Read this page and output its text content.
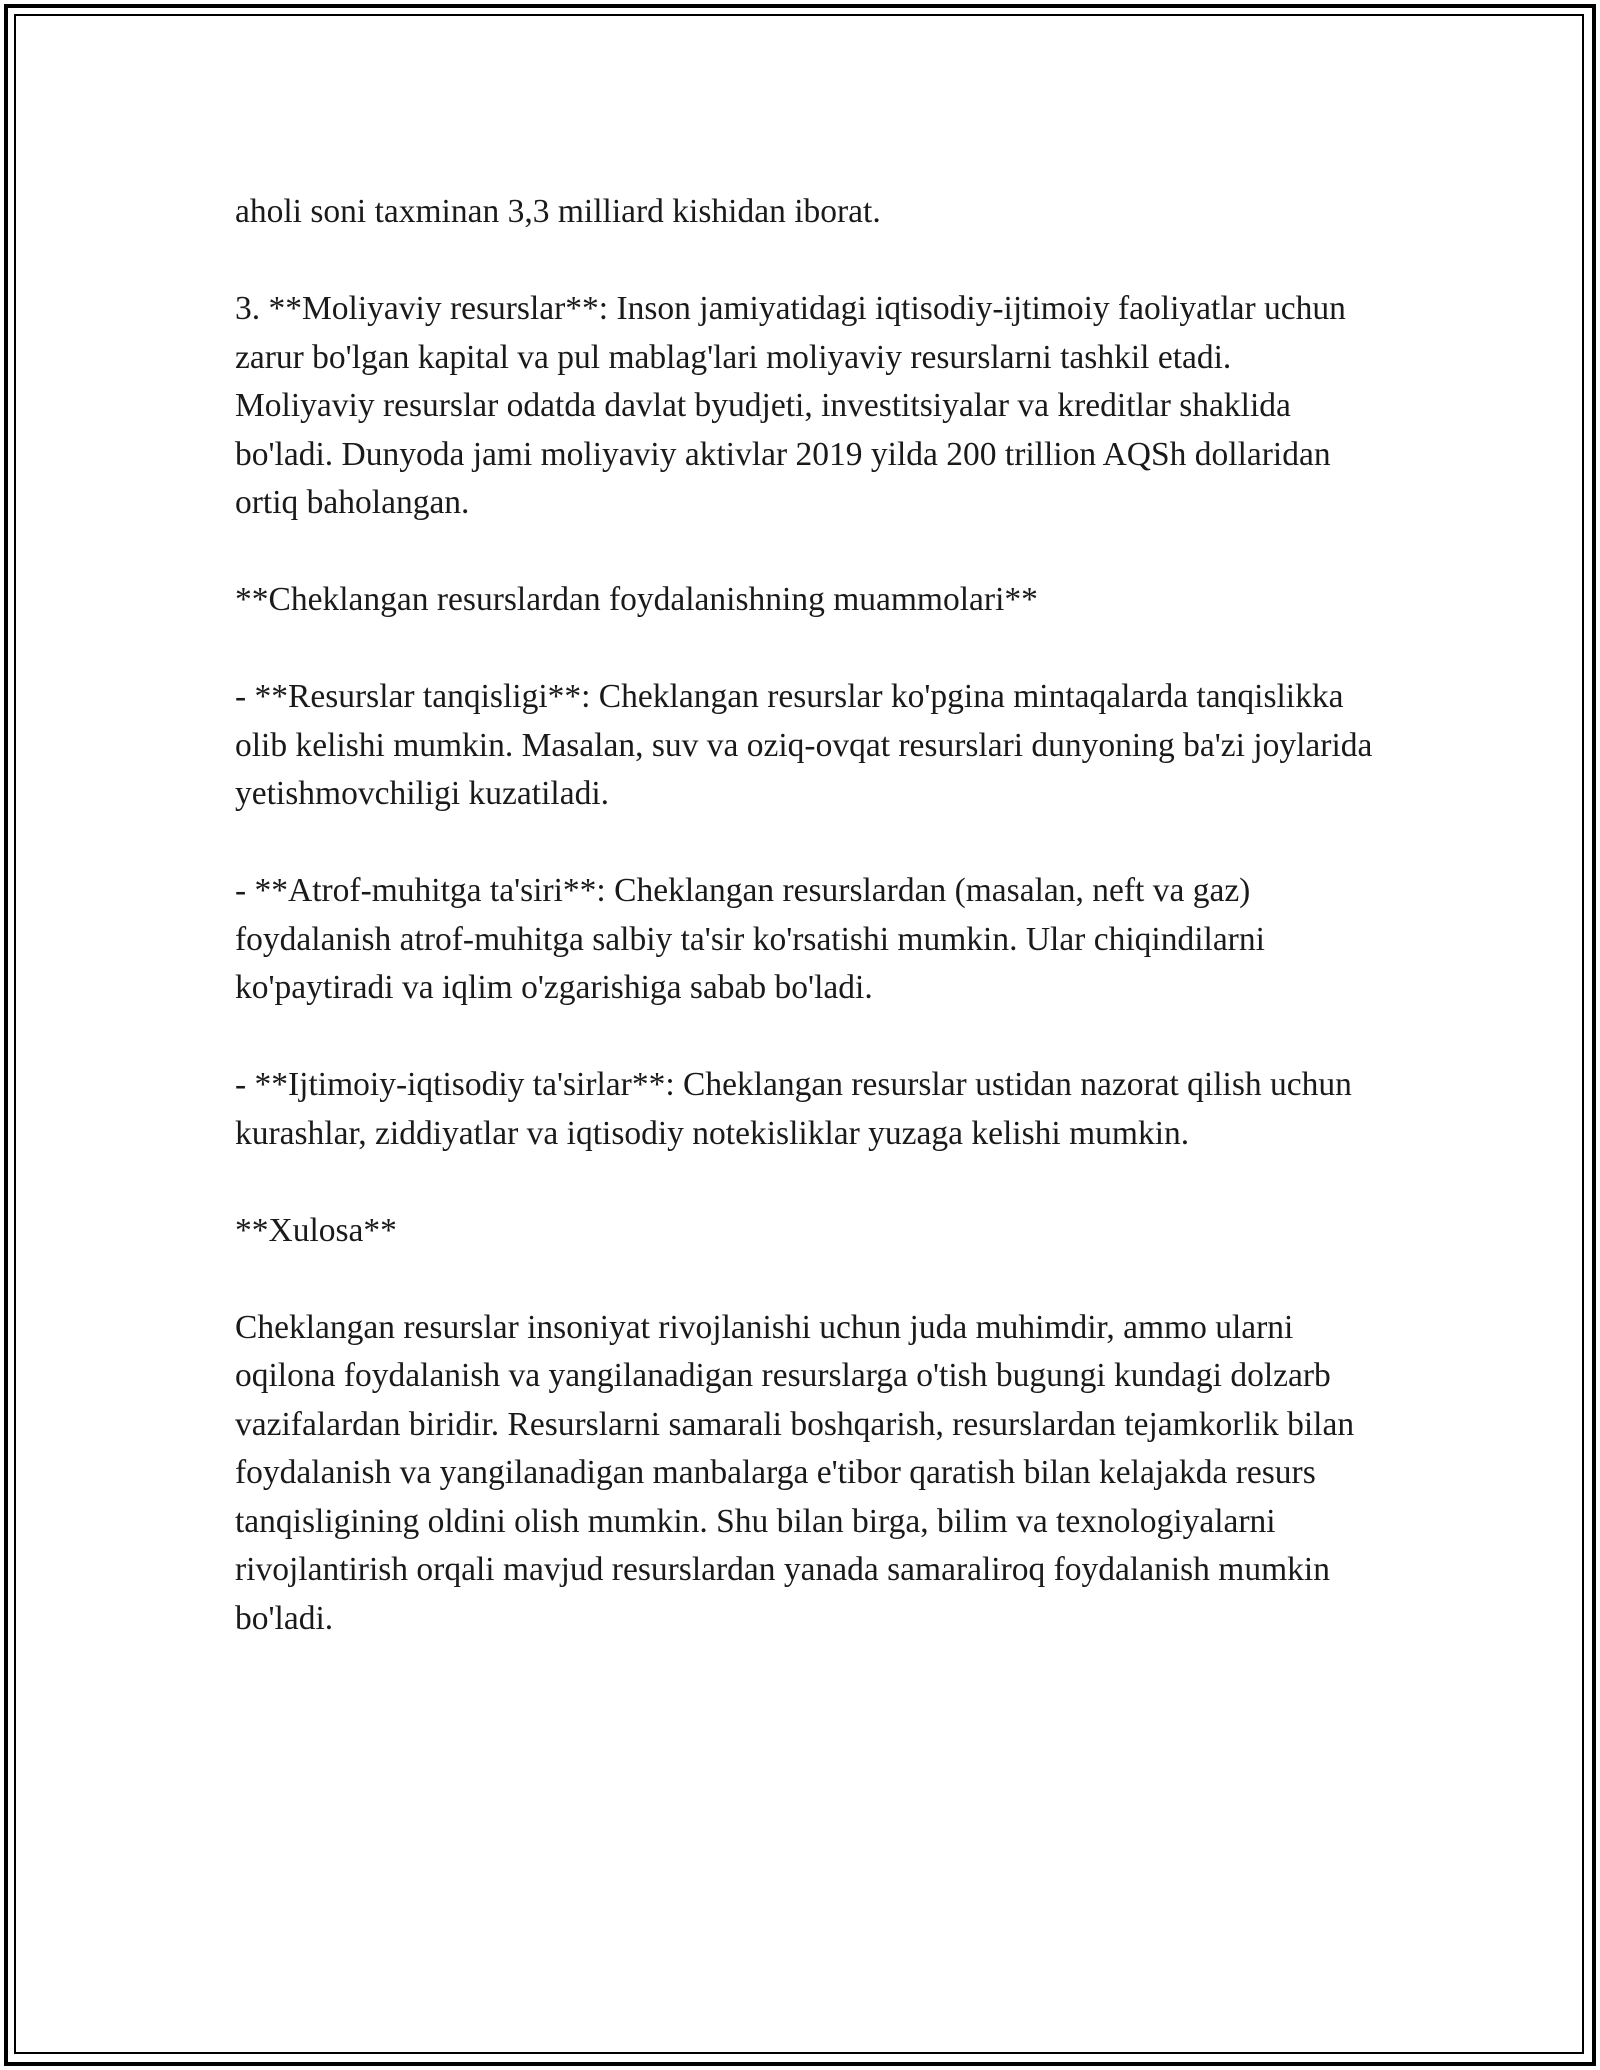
aholi soni taxminan 3,3 milliard kishidan iborat.

3. **Moliyaviy resurslar**: Inson jamiyatidagi iqtisodiy-ijtimoiy faoliyatlar uchun zarur bo'lgan kapital va pul mablag'lari moliyaviy resurslarni tashkil etadi. Moliyaviy resurslar odatda davlat byudjeti, investitsiyalar va kreditlar shaklida bo'ladi. Dunyoda jami moliyaviy aktivlar 2019 yilda 200 trillion AQSh dollaridan ortiq baholangan.

**Cheklangan resurslardan foydalanishning muammolari**

- **Resurslar tanqisligi**: Cheklangan resurslar ko'pgina mintaqalarda tanqislikka olib kelishi mumkin. Masalan, suv va oziq-ovqat resurslari dunyoning ba'zi joylarida yetishmovchiligi kuzatiladi.

- **Atrof-muhitga ta'siri**: Cheklangan resurslardan (masalan, neft va gaz) foydalanish atrof-muhitga salbiy ta'sir ko'rsatishi mumkin. Ular chiqindilarni ko'paytiradi va iqlim o'zgarishiga sabab bo'ladi.

- **Ijtimoiy-iqtisodiy ta'sirlar**: Cheklangan resurslar ustidan nazorat qilish uchun kurashlar, ziddiyatlar va iqtisodiy notekisliklar yuzaga kelishi mumkin.

**Xulosa**

Cheklangan resurslar insoniyat rivojlanishi uchun juda muhimdir, ammo ularni oqilona foydalanish va yangilanadigan resurslarga o'tish bugungi kundagi dolzarb vazifalardan biridir. Resurslarni samarali boshqarish, resurslardan tejamkorlik bilan foydalanish va yangilanadigan manbalarga e'tibor qaratish bilan kelajakda resurs tanqisligining oldini olish mumkin. Shu bilan birga, bilim va texnologiyalarni rivojlantirish orqali mavjud resurslardan yanada samaraliroq foydalanish mumkin bo'ladi.
